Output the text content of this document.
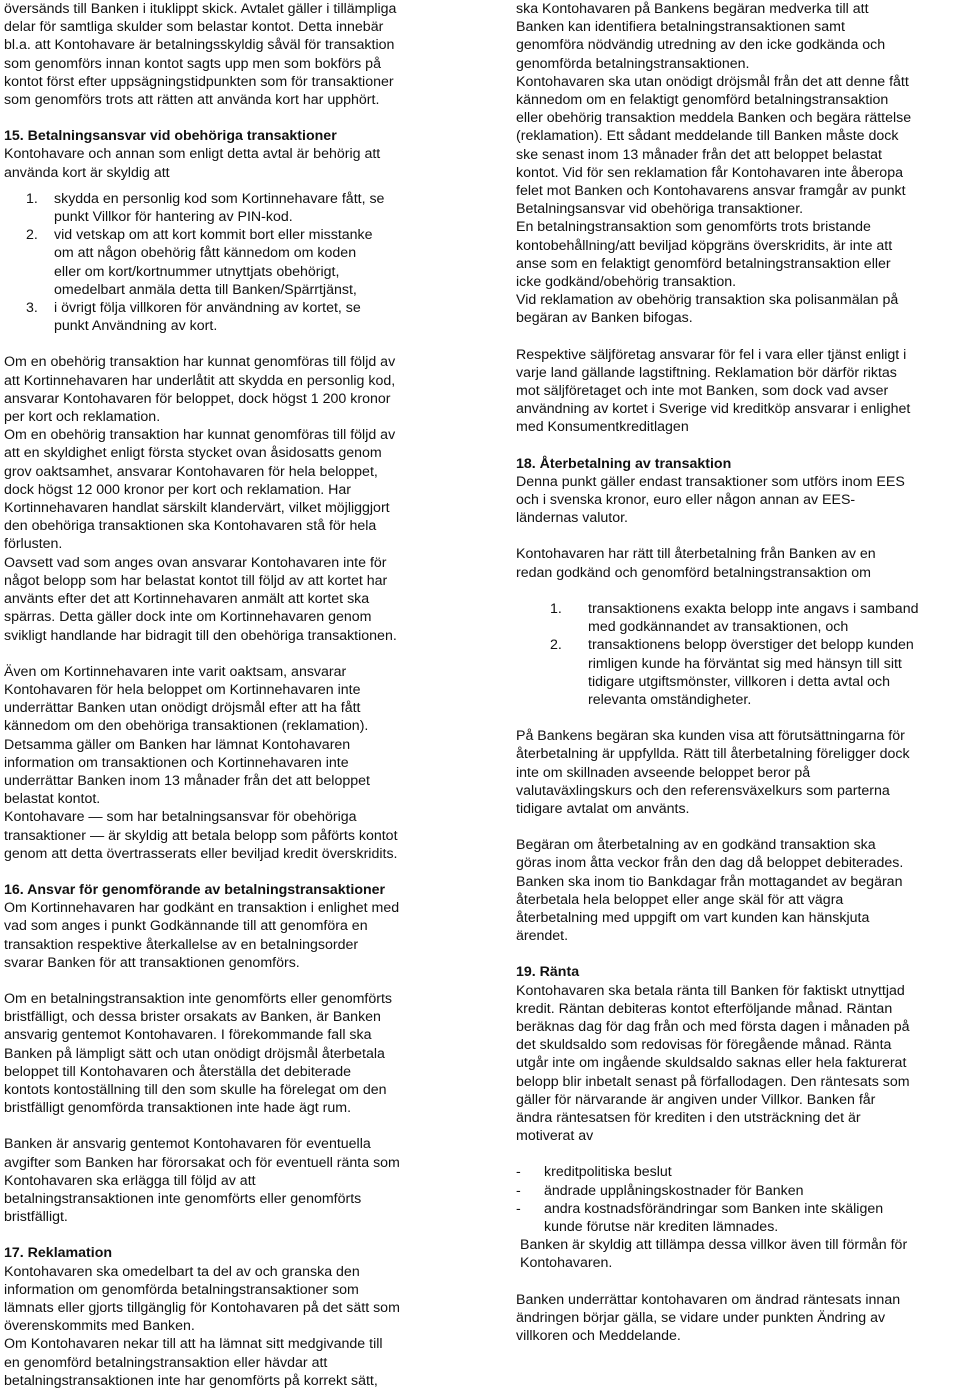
översänds till Banken i ituklippt skick. Avtalet gäller i tillämpliga
delar för samtliga skulder som belastar kontot. Detta innebär
bl.a. att Kontohavare är betalningsskyldig såväl för transaktion
som genomförs innan kontot sagts upp men som bokförs på
kontot först efter uppsägningstidpunkten som för transaktioner
som genomförs trots att rätten att använda kort har upphört.

15. Betalningsansvar vid obehöriga transaktioner

Kontohavare och annan som enligt detta avtal är behörig att
använda kort är skyldig att

1.	skydda en personlig kod som Kortinnehavare fått, se
punkt Villkor för hantering av PIN-kod.
2.	vid vetskap om att kort kommit bort eller misstanke
om att någon obehörig fått kännedom om koden
eller om kort/kortnummer utnyttjats obehörigt,
omedelbart anmäla detta till Banken/Spärrtjänst,
3.	i övrigt följa villkoren för användning av kortet, se
punkt Användning av kort.

Om en obehörig transaktion har kunnat genomföras till följd av
att Kortinnehavaren har underlåtit att skydda en personlig kod,
ansvarar Kontohavaren för beloppet, dock högst 1 200 kronor
per kort och reklamation.
Om en obehörig transaktion har kunnat genomföras till följd av
att en skyldighet enligt första stycket ovan åsidosatts genom
grov oaktsamhet, ansvarar Kontohavaren för hela beloppet,
dock högst 12 000 kronor per kort och reklamation. Har
Kortinnehavaren handlat särskilt klandervärt, vilket möjliggjort
den obehöriga transaktionen ska Kontohavaren stå för hela
förlusten.
Oavsett vad som anges ovan ansvarar Kontohavaren inte för
något belopp som har belastat kontot till följd av att kortet har
använts efter det att Kortinnehavaren anmält att kortet ska
spärras. Detta gäller dock inte om Kortinnehavaren genom
svikligt handlande har bidragit till den obehöriga transaktionen.

Även om Kortinnehavaren inte varit oaktsam, ansvarar
Kontohavaren för hela beloppet om Kortinnehavaren inte
underrättar Banken utan onödigt dröjsmål efter att ha fått
kännedom om den obehöriga transaktionen (reklamation).
Detsamma gäller om Banken har lämnat Kontohavaren
information om transaktionen och Kortinnehavaren inte
underrättar Banken inom 13 månader från det att beloppet
belastat kontot.
Kontohavare — som har betalningsansvar för obehöriga
transaktioner — är skyldig att betala belopp som påförts kontot
genom att detta övertrasserats eller beviljad kredit överskridits.

16. Ansvar för genomförande av betalningstransaktioner

Om Kortinnehavaren har godkänt en transaktion i enlighet med
vad som anges i punkt Godkännande till att genomföra en
transaktion respektive återkallelse av en betalningsorder
svarar Banken för att transaktionen genomförs.

Om en betalningstransaktion inte genomförts eller genomförts
bristfälligt, och dessa brister orsakats av Banken, är Banken
ansvarig gentemot Kontohavaren. I förekommande fall ska
Banken på lämpligt sätt och utan onödigt dröjsmål återbetala
beloppet till Kontohavaren och återställa det debiterade
kontots kontoställning till den som skulle ha förelegat om den
bristfälligt genomförda transaktionen inte hade ägt rum.

Banken är ansvarig gentemot Kontohavaren för eventuella
avgifter som Banken har förorsakat och för eventuell ränta som
Kontohavaren ska erlägga till följd av att
betalningstransaktionen inte genomförts eller genomförts
bristfälligt.

17. Reklamation

Kontohavaren ska omedelbart ta del av och granska den
information om genomförda betalningstransaktioner som
lämnats eller gjorts tillgänglig för Kontohavaren på det sätt som
överenskommits med Banken.
Om Kontohavaren nekar till att ha lämnat sitt medgivande till
en genomförd betalningstransaktion eller hävdar att
betalningstransaktionen inte har genomförts på korrekt sätt,

ska Kontohavaren på Bankens begäran medverka till att
Banken kan identifiera betalningstransaktionen samt
genomföra nödvändig utredning av den icke godkända och
genomförda betalningstransaktionen.
Kontohavaren ska utan onödigt dröjsmål från det att denne fått
kännedom om en felaktigt genomförd betalningstransaktion
eller obehörig transaktion meddela Banken och begära rättelse
(reklamation). Ett sådant meddelande till Banken måste dock
ske senast inom 13 månader från det att beloppet belastat
kontot. Vid för sen reklamation får Kontohavaren inte åberopa
felet mot Banken och Kontohavarens ansvar framgår av punkt
Betalningsansvar vid obehöriga transaktioner.
En betalningstransaktion som genomförts trots bristande
kontobehållning/att beviljad köpgräns överskridits, är inte att
anse som en felaktigt genomförd betalningstransaktion eller
icke godkänd/obehörig transaktion.
Vid reklamation av obehörig transaktion ska polisanmälan på
begäran av Banken bifogas.

Respektive säljföretag ansvarar för fel i vara eller tjänst enligt i
varje land gällande lagstiftning. Reklamation bör därför riktas
mot säljföretaget och inte mot Banken, som dock vad avser
användning av kortet i Sverige vid kreditköp ansvarar i enlighet
med Konsumentkreditlagen

18. Återbetalning av transaktion

Denna punkt gäller endast transaktioner som utförs inom EES
och i svenska kronor, euro eller någon annan av EES-
ländernas valutor.

Kontohavaren har rätt till återbetalning från Banken av en
redan godkänd och genomförd betalningstransaktion om

1.	transaktionens exakta belopp inte angavs i samband
med godkännandet av transaktionen, och
2.	transaktionens belopp överstiger det belopp kunden
rimligen kunde ha förväntat sig med hänsyn till sitt
tidigare utgiftsmönster, villkoren i detta avtal och
relevanta omständigheter.

På Bankens begäran ska kunden visa att förutsättningarna för
återbetalning är uppfyllda. Rätt till återbetalning föreligger dock
inte om skillnaden avseende beloppet beror på
valutaväxlingskurs och den referensväxelkurs som parterna
tidigare avtalat om använts.

Begäran om återbetalning av en godkänd transaktion ska
göras inom åtta veckor från den dag då beloppet debiterades.
Banken ska inom tio Bankdagar från mottagandet av begäran
återbetala hela beloppet eller ange skäl för att vägra
återbetalning med uppgift om vart kunden kan hänskjuta
ärendet.

19. Ränta

Kontohavaren ska betala ränta till Banken för faktiskt utnyttjad
kredit. Räntan debiteras kontot efterföljande månad. Räntan
beräknas dag för dag från och med första dagen i månaden på
det skuldsaldo som redovisas för föregående månad. Ränta
utgår inte om ingående skuldsaldo saknas eller hela fakturerat
belopp blir inbetalt senast på förfallodagen. Den räntesats som
gäller för närvarande är angiven under Villkor. Banken får
ändra räntesatsen för krediten i den utsträckning det är
motiverat av

-	kreditpolitiska beslut
-	ändrade upplåningskostnader för Banken
-	andra kostnadsförändringar som Banken inte skäligen
kunde förutse när krediten lämnades.

Banken är skyldig att tillämpa dessa villkor även till förmån för
Kontohavaren.

Banken underrättar kontohavaren om ändrad räntesats innan
ändringen börjar gälla, se vidare under punkten Ändring av
villkoren och Meddelande.
